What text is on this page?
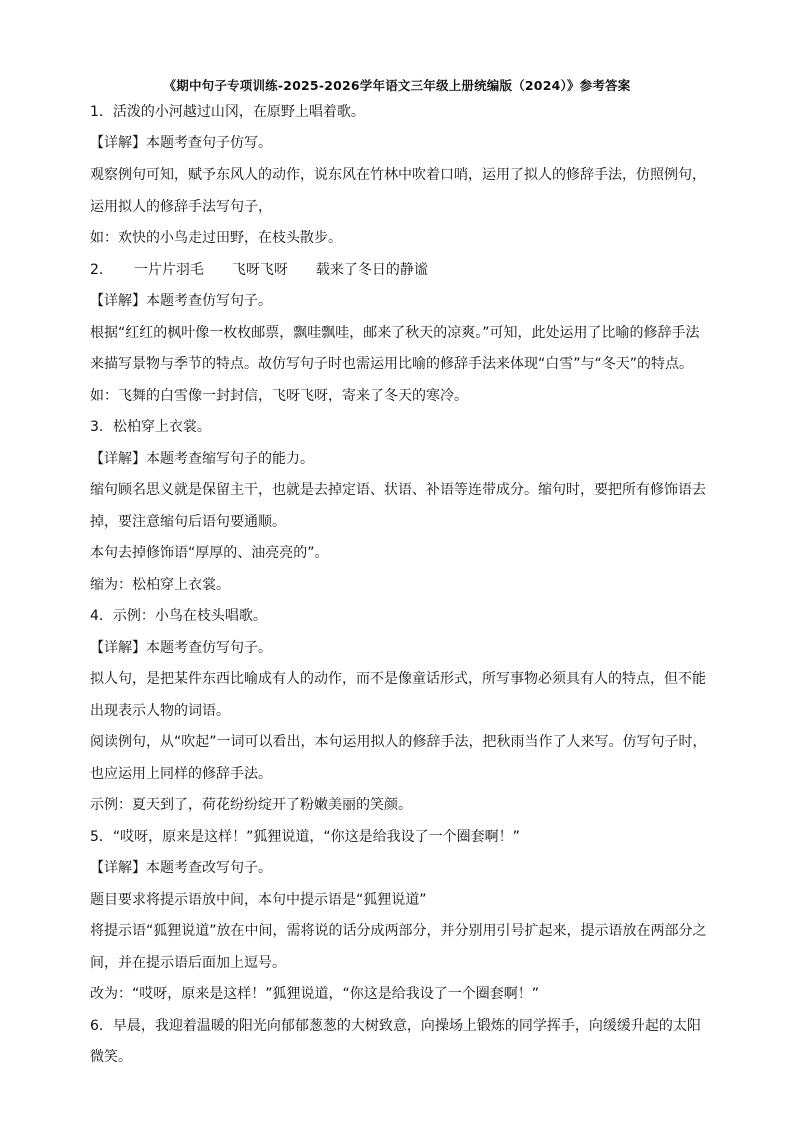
《期中句子专项训练-2025-2026学年语文三年级上册统编版（2024）》参考答案
1．活泼的小河越过山冈，在原野上唱着歌。
【详解】本题考查句子仿写。
观察例句可知，赋予东风人的动作，说东风在竹林中吹着口哨，运用了拟人的修辞手法，仿照例句，
运用拟人的修辞手法写句子，
如：欢快的小鸟走过田野，在枝头散步。
2．　　一片片羽毛　　飞呀飞呀　　载来了冬日的静谧
【详解】本题考查仿写句子。
根据“红红的枫叶像一枚枚邮票，飘哇飘哇，邮来了秋天的凉爽。”可知，此处运用了比喻的修辞手法
来描写景物与季节的特点。故仿写句子时也需运用比喻的修辞手法来体现“白雪”与“冬天”的特点。
如：飞舞的白雪像一封封信，飞呀飞呀，寄来了冬天的寒冷。
3．松柏穿上衣裳。
【详解】本题考查缩写句子的能力。
缩句顾名思义就是保留主干，也就是去掉定语、状语、补语等连带成分。缩句时，要把所有修饰语去
掉，要注意缩句后语句要通顺。
本句去掉修饰语“厚厚的、油亮亮的”。
缩为：松柏穿上衣裳。
4．示例：小鸟在枝头唱歌。
【详解】本题考查仿写句子。
拟人句，是把某件东西比喻成有人的动作，而不是像童话形式，所写事物必须具有人的特点，但不能
出现表示人物的词语。
阅读例句，从“吹起”一词可以看出，本句运用拟人的修辞手法，把秋雨当作了人来写。仿写句子时，
也应运用上同样的修辞手法。
示例：夏天到了，荷花纷纷绽开了粉嫩美丽的笑颜。
5．“哎呀，原来是这样！”狐狸说道，“你这是给我设了一个圈套啊！”
【详解】本题考查改写句子。
题目要求将提示语放中间，本句中提示语是“狐狸说道”
将提示语“狐狸说道”放在中间，需将说的话分成两部分，并分别用引号扩起来，提示语放在两部分之
间，并在提示语后面加上逗号。
改为：“哎呀，原来是这样！”狐狸说道，“你这是给我设了一个圈套啊！”
6．早晨，我迎着温暖的阳光向郁郁葱葱的大树致意，向操场上锻炼的同学挥手，向缓缓升起的太阳
微笑。
